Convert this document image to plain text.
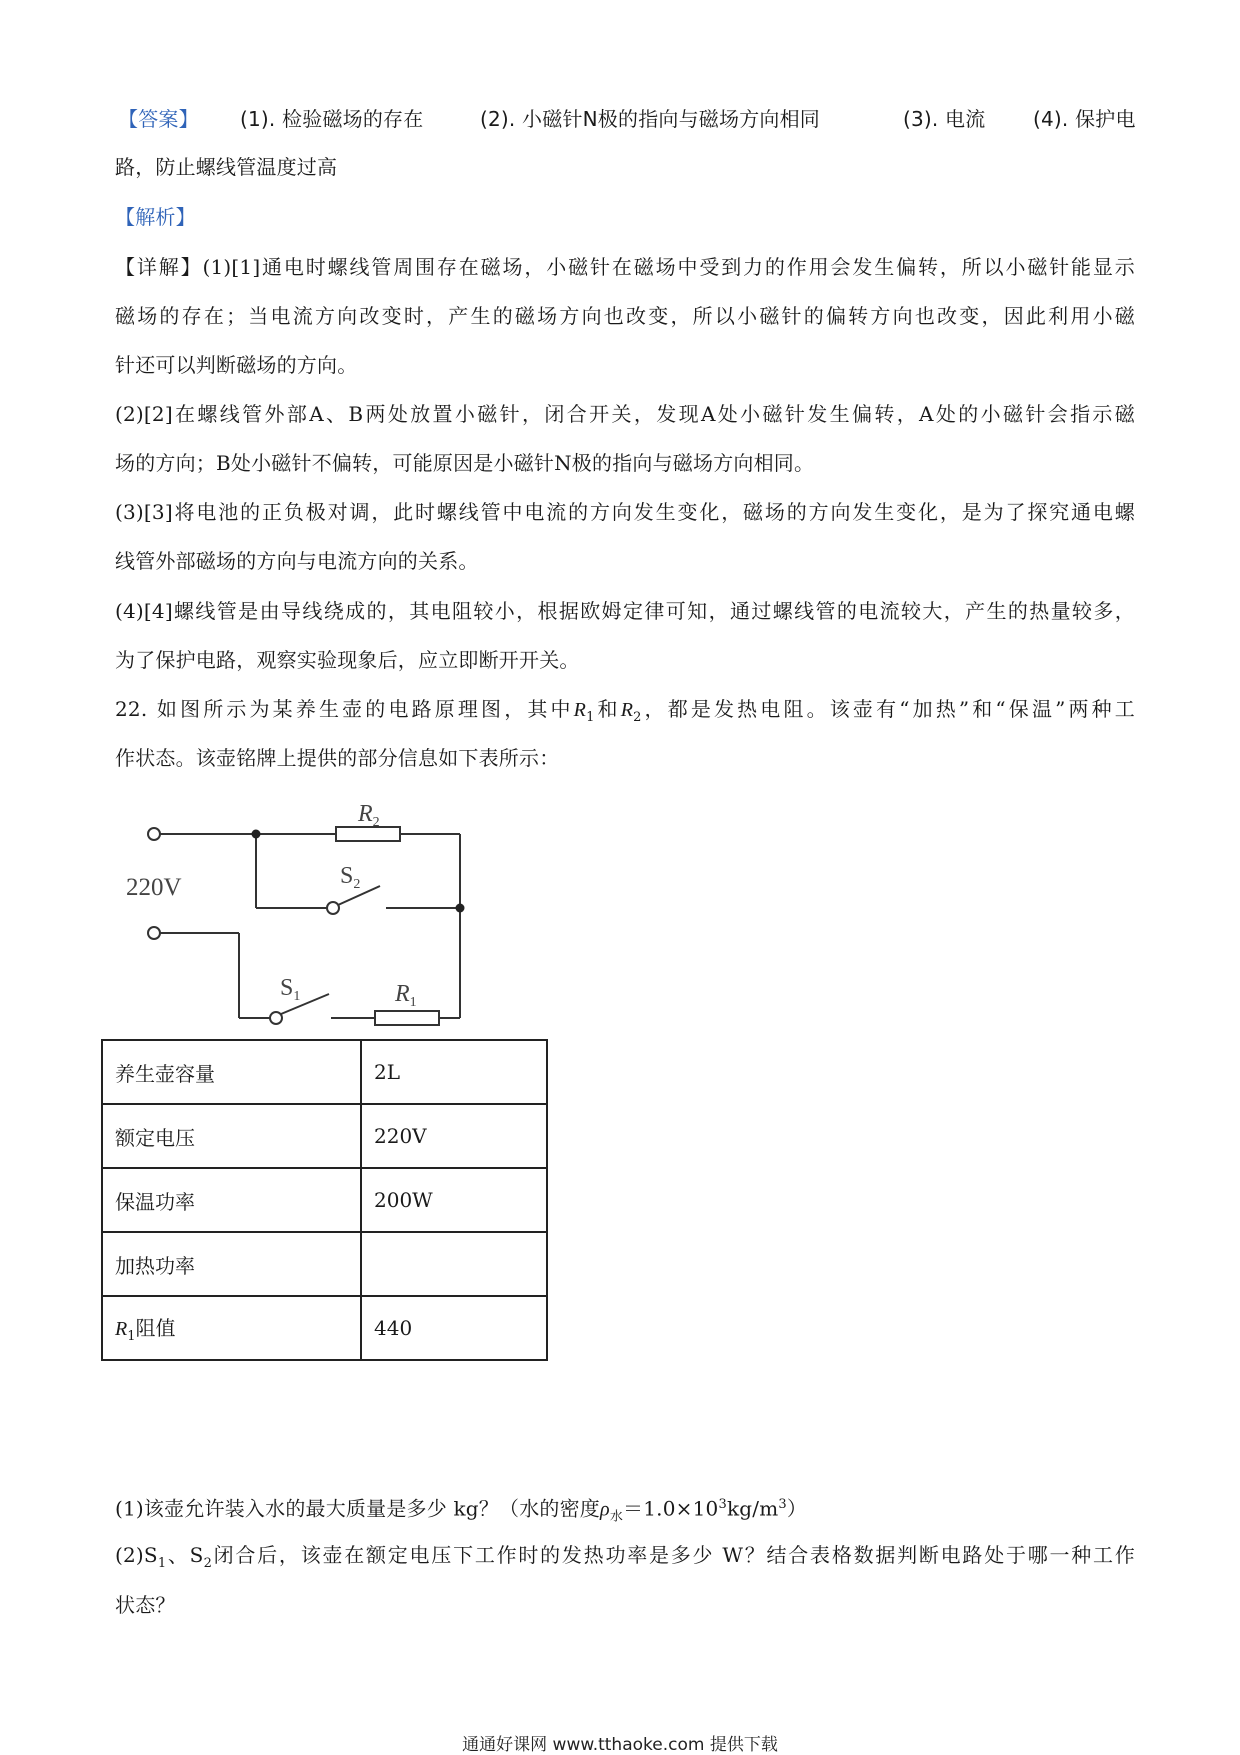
【答案】 (1). 检验磁场的存在	(2). 小磁针N极的指向与磁场方向相同	(3). 电流 (4). 保护电
路，防止螺线管温度过高
【解析】
【详解】(1)[1]通电时螺线管周围存在磁场，小磁针在磁场中受到力的作用会发生偏转，所以小磁针能显示
磁场的存在；当电流方向改变时，产生的磁场方向也改变，所以小磁针的偏转方向也改变，因此利用小磁
针还可以判断磁场的方向。
(2)[2]在螺线管外部A、B两处放置小磁针，闭合开关，发现A处小磁针发生偏转，A处的小磁针会指示磁
场的方向；B处小磁针不偏转，可能原因是小磁针N极的指向与磁场方向相同。
(3)[3]将电池的正负极对调，此时螺线管中电流的方向发生变化，磁场的方向发生变化，是为了探究通电螺
线管外部磁场的方向与电流方向的关系。
(4)[4]螺线管是由导线绕成的，其电阻较小，根据欧姆定律可知，通过螺线管的电流较大，产生的热量较多，
为了保护电路，观察实验现象后，应立即断开开关。
22. 如图所示为某养生壶的电路原理图，其中$R_1$和$R_2$，都是发热电阻。该壶有“加热”和“保温”两种工
作状态。该壶铭牌上提供的部分信息如下表所示：
220V
$R_2$
$S_2$
$S_1$	$R_1$
养生壶容量	2L
额定电压	220V
保温功率	200W
加热功率	
$R_1$阻值	440
(1)该壶允许装入水的最大质量是多少 kg？（水的密度$\rho_水=1.0\times 10^3kg/m^3$）
$(2)S_1$、$S_2$闭合后，该壶在额定电压下工作时的发热功率是多少 W？结合表格数据判断电路处于哪一种工作
状态？
通通好课网 www.tthaoke.com 提供下载
